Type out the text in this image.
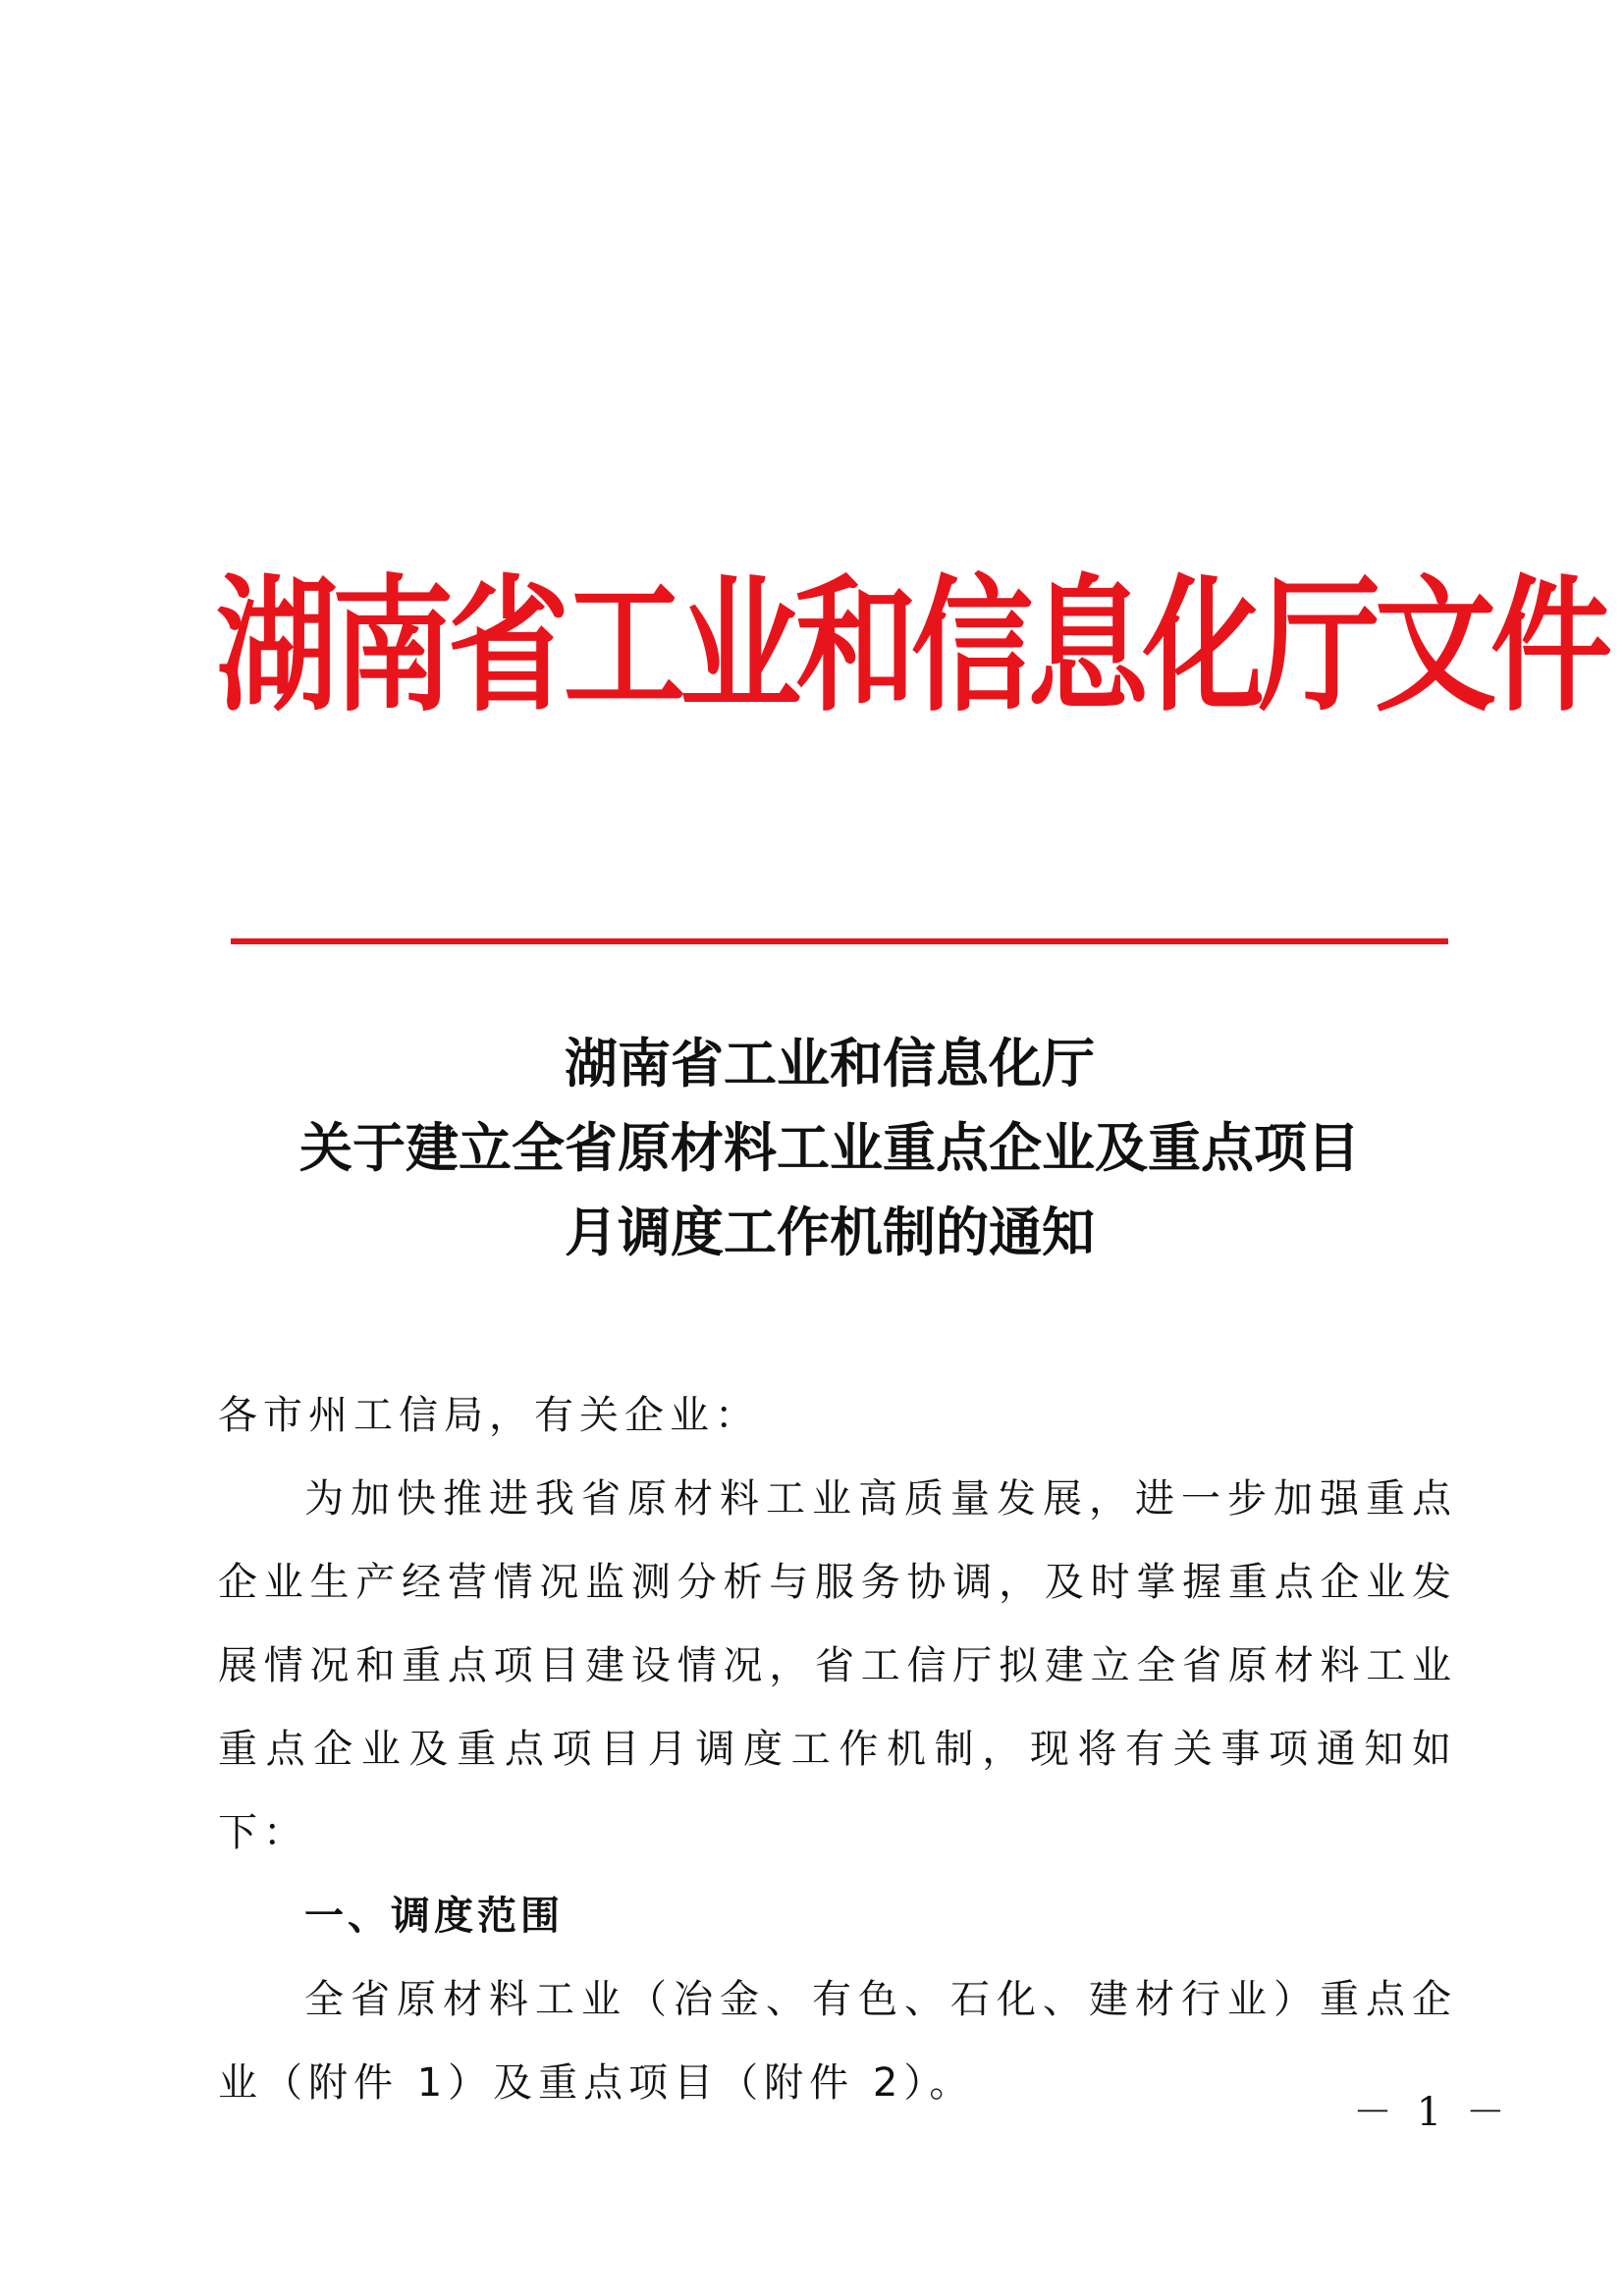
湖南省工业和信息化厅文件
湖南省工业和信息化厅
关于建立全省原材料工业重点企业及重点项目
月调度工作机制的通知

各市州工信局，有关企业：

为加快推进我省原材料工业高质量发展，进一步加强重点企业生产经营情况监测分析与服务协调，及时掌握重点企业发展情况和重点项目建设情况，省工信厅拟建立全省原材料工业重点企业及重点项目月调度工作机制，现将有关事项通知如下：

一、调度范围

全省原材料工业（冶金、有色、石化、建材行业）重点企业（附件 1）及重点项目（附件 2）。

－ 1 －
